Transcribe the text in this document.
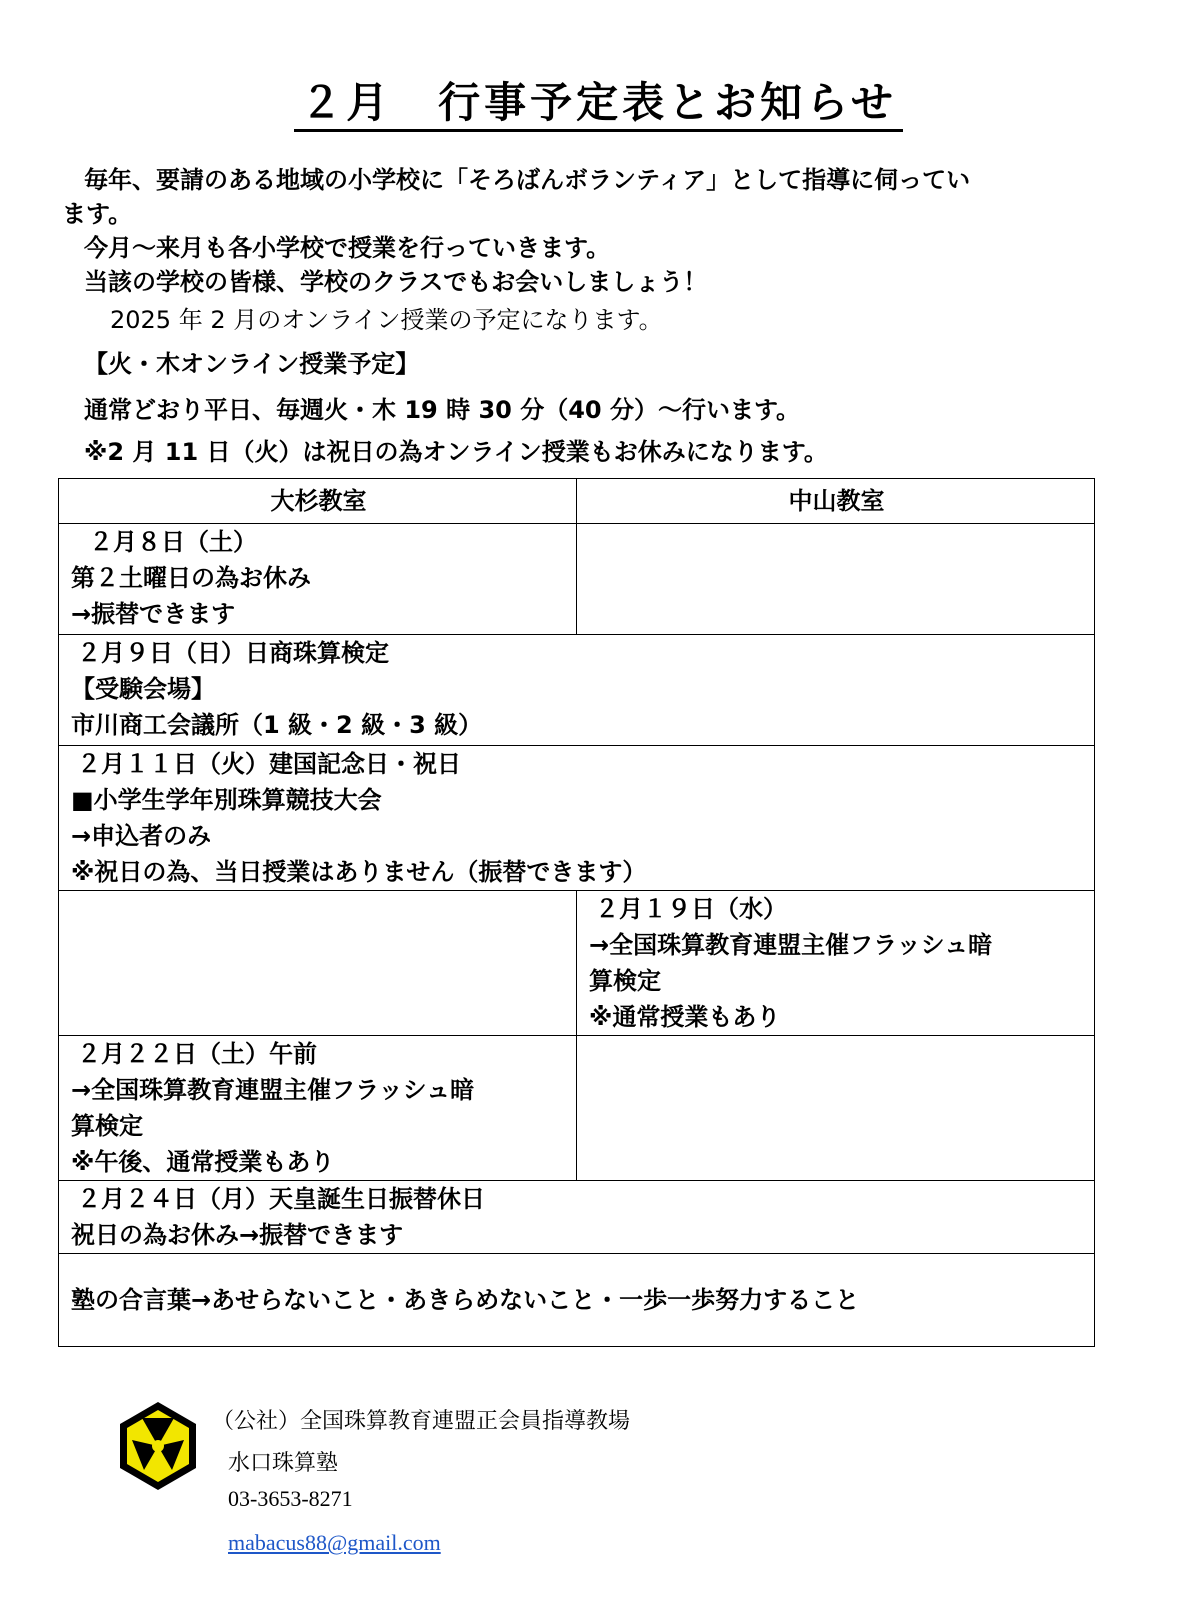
２月　行事予定表とお知らせ
毎年、要請のある地域の小学校に「そろばんボランティア」として指導に伺ってい
ます。
今月～来月も各小学校で授業を行っていきます。
当該の学校の皆様、学校のクラスでもお会いしましょう！
2025 年 2 月のオンライン授業の予定になります。
【火・木オンライン授業予定】
通常どおり平日、毎週火・木 19 時 30 分（40 分）～行います。
※2 月 11 日（火）は祝日の為オンライン授業もお休みになります。
大杉教室	中山教室

２月８日（土）
第２土曜日の為お休み
→振替できます	

２月９日（日）日商珠算検定
【受験会場】
市川商工会議所（1 級・2 級・3 級）	

２月１１日（火）建国記念日・祝日
■小学生学年別珠算競技大会
→申込者のみ
※祝日の為、当日授業はありません（振替できます）	

	２月１９日（水）
→全国珠算教育連盟主催フラッシュ暗
算検定
※通常授業もあり

２月２２日（土）午前
→全国珠算教育連盟主催フラッシュ暗
算検定
※午後、通常授業もあり	

２月２４日（月）天皇誕生日振替休日
祝日の為お休み→振替できます	

塾の合言葉→あせらないこと・あきらめないこと・一歩一歩努力すること	
（公社）全国珠算教育連盟正会員指導教場
水口珠算塾
03-3653-8271
mabacus88@gmail.com
